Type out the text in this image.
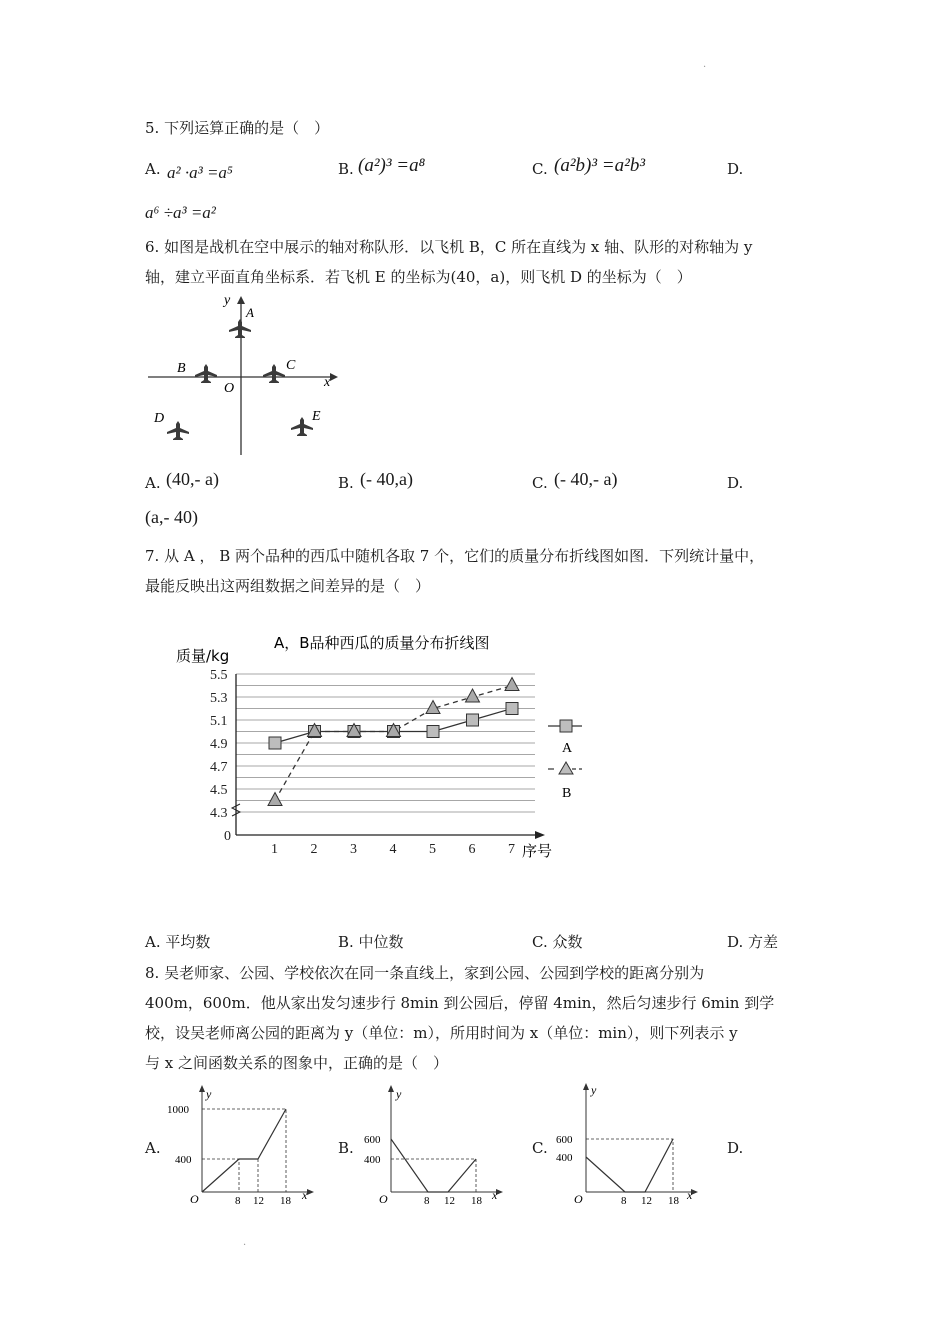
·
·
5. 下列运算正确的是（　）
A. a² ·a³ =a⁵	B. (a²)³ =a⁸	C. (a²b)³ =a²b³	D.
a⁶ ÷a³ =a²
6. 如图是战机在空中展示的轴对称队形．以飞机 B，C 所在直线为 x 轴、队形的对称轴为 y
轴，建立平面直角坐标系．若飞机 E 的坐标为(40，a)，则飞机 D 的坐标为（　）
y
x
O
A
B	C
D	E
A. (40,- a)	B. (- 40,a)	C. (- 40,- a)	D.
(a,- 40)
7. 从 A ， B 两个品种的西瓜中随机各取 7 个，它们的质量分布折线图如图．下列统计量中，
最能反映出这两组数据之间差异的是（　）
A，B品种西瓜的质量分布折线图
质量/kg
序号
0
4.3
4.5
4.7
4.9
5.1
5.3
5.5
1 2 3 4 5 6 7
A
B
A. 平均数	B. 中位数	C. 众数	D. 方差
8. 吴老师家、公园、学校依次在同一条直线上，家到公园、公园到学校的距离分别为
400m，600m．他从家出发匀速步行 8min 到公园后，停留 4min，然后匀速步行 6min 到学
校，设吴老师离公园的距离为 y（单位：m），所用时间为 x（单位：min），则下列表示 y
与 x 之间函数关系的图象中，正确的是（　）
A.	B.	C.	D.
y
x
O
1000
400
8 12 18
y
x
O
600
400
8 12 18
y
x
O
600
400
8 12 18
